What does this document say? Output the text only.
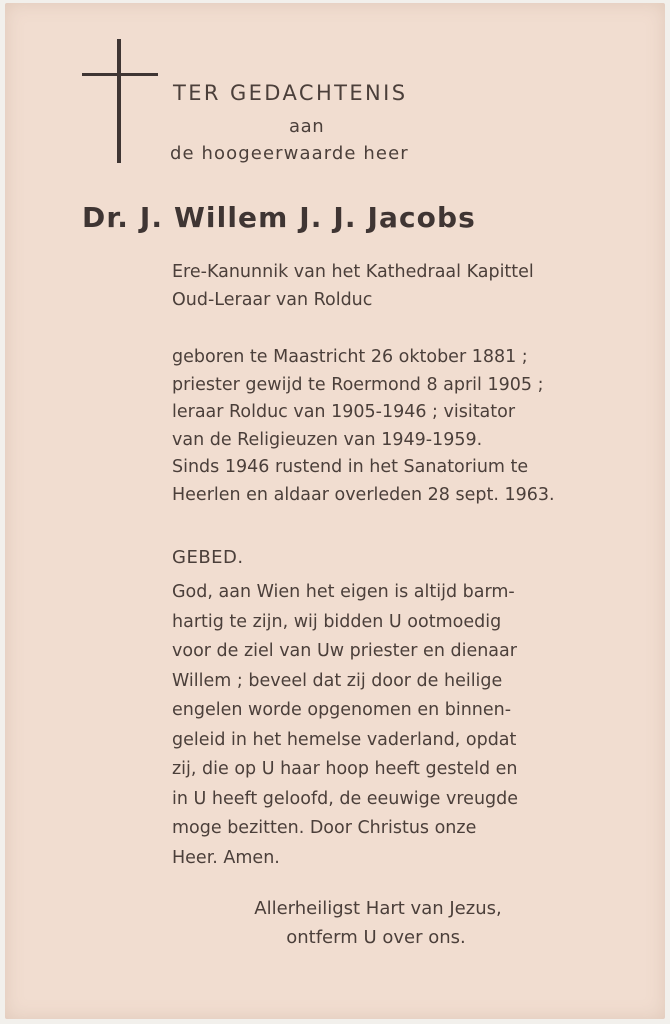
TER GEDACHTENIS
aan
de hoogeerwaarde heer
Dr. J. Willem J. J. Jacobs
Ere-Kanunnik van het Kathedraal Kapittel
Oud-Leraar van Rolduc
geboren te Maastricht 26 oktober 1881 ;
priester gewijd te Roermond 8 april 1905 ;
leraar Rolduc van 1905-1946 ; visitator
van de Religieuzen van 1949-1959.
Sinds 1946 rustend in het Sanatorium te
Heerlen en aldaar overleden 28 sept. 1963.
GEBED.
God, aan Wien het eigen is altijd barm-
hartig te zijn, wij bidden U ootmoedig
voor de ziel van Uw priester en dienaar
Willem ; beveel dat zij door de heilige
engelen worde opgenomen en binnen-
geleid in het hemelse vaderland, opdat
zij, die op U haar hoop heeft gesteld en
in U heeft geloofd, de eeuwige vreugde
moge bezitten. Door Christus onze
Heer. Amen.
Allerheiligst Hart van Jezus,
ontferm U over ons.
